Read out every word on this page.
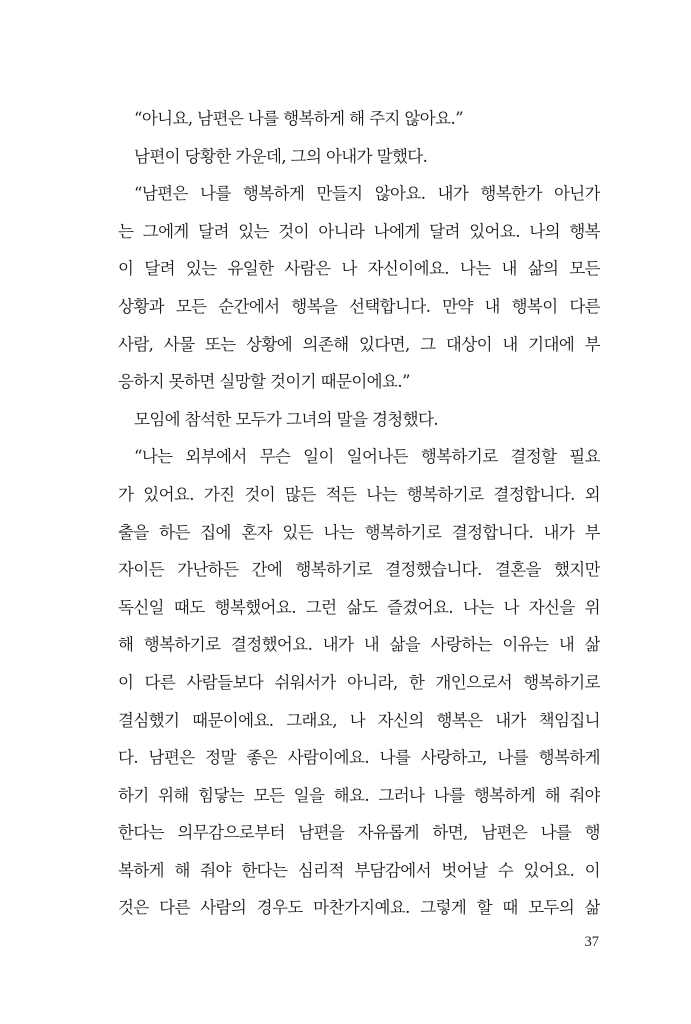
“아니요, 남편은 나를 행복하게 해 주지 않아요.”
남편이 당황한 가운데, 그의 아내가 말했다.
“남편은 나를 행복하게 만들지 않아요. 내가 행복한가 아닌가
는 그에게 달려 있는 것이 아니라 나에게 달려 있어요. 나의 행복
이 달려 있는 유일한 사람은 나 자신이에요. 나는 내 삶의 모든
상황과 모든 순간에서 행복을 선택합니다. 만약 내 행복이 다른
사람, 사물 또는 상황에 의존해 있다면, 그 대상이 내 기대에 부
응하지 못하면 실망할 것이기 때문이에요.”
모임에 참석한 모두가 그녀의 말을 경청했다.
“나는 외부에서 무슨 일이 일어나든 행복하기로 결정할 필요
가 있어요. 가진 것이 많든 적든 나는 행복하기로 결정합니다. 외
출을 하든 집에 혼자 있든 나는 행복하기로 결정합니다. 내가 부
자이든 가난하든 간에 행복하기로 결정했습니다. 결혼을 했지만
독신일 때도 행복했어요. 그런 삶도 즐겼어요. 나는 나 자신을 위
해 행복하기로 결정했어요. 내가 내 삶을 사랑하는 이유는 내 삶
이 다른 사람들보다 쉬워서가 아니라, 한 개인으로서 행복하기로
결심했기 때문이에요. 그래요, 나 자신의 행복은 내가 책임집니
다. 남편은 정말 좋은 사람이에요. 나를 사랑하고, 나를 행복하게
하기 위해 힘닿는 모든 일을 해요. 그러나 나를 행복하게 해 줘야
한다는 의무감으로부터 남편을 자유롭게 하면, 남편은 나를 행
복하게 해 줘야 한다는 심리적 부담감에서 벗어날 수 있어요. 이
것은 다른 사람의 경우도 마찬가지예요. 그렇게 할 때 모두의 삶
37
